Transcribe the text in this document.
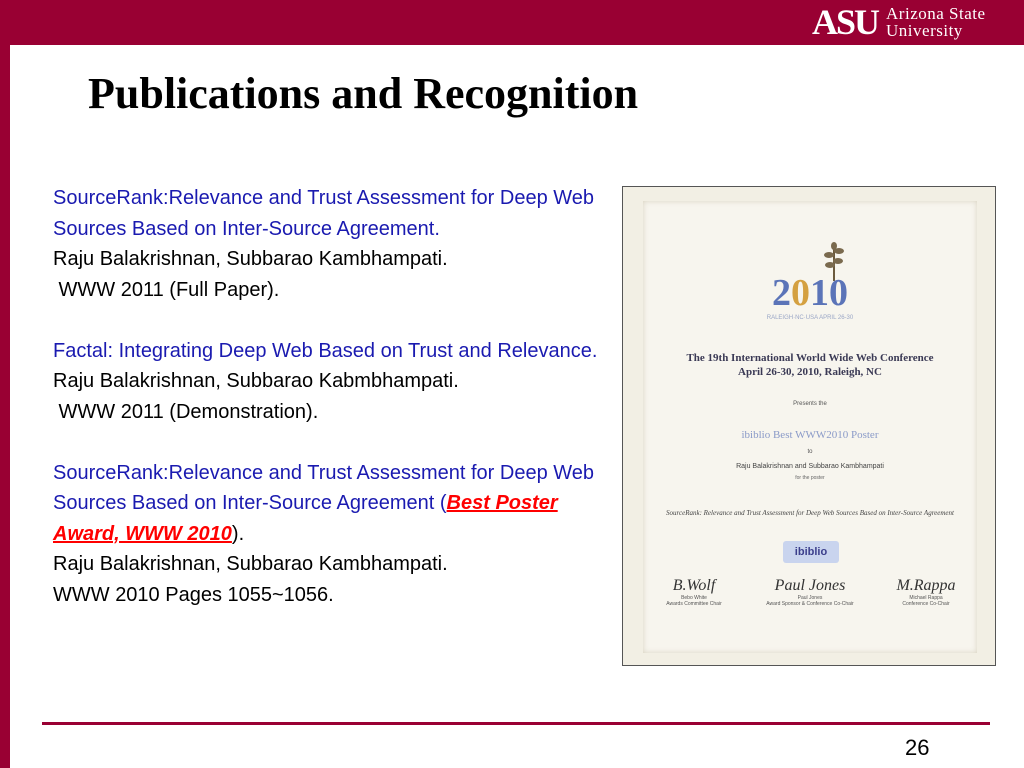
ASU Arizona State
University
Publications and Recognition
SourceRank:Relevance and Trust Assessment for Deep Web Sources Based on Inter-Source Agreement.
Raju Balakrishnan, Subbarao Kambhampati.
WWW 2011 (Full Paper).
Factal: Integrating Deep Web Based on Trust and Relevance.
Raju Balakrishnan, Subbarao Kabmbhampati.
WWW 2011 (Demonstration).
SourceRank:Relevance and Trust Assessment for Deep Web Sources Based on Inter-Source Agreement (Best Poster Award, WWW 2010).
Raju Balakrishnan, Subbarao Kambhampati.
WWW 2010 Pages 1055~1056.
2010
RALEIGH·NC·USA APRIL 26-30
The 19th International World Wide Web Conference
April 26-30, 2010, Raleigh, NC
Presents the
ibiblio Best WWW2010 Poster
to
Raju Balakrishnan and Subbarao Kambhampati
for the poster
SourceRank: Relevance and Trust Assessment for Deep Web Sources Based on Inter-Source Agreement
ibiblio
B.Wolf
Bebo White
Awards Committee Chair
Paul Jones
Paul Jones
Award Sponsor & Conference Co-Chair
M.Rappa
Michael Rappa
Conference Co-Chair
26
